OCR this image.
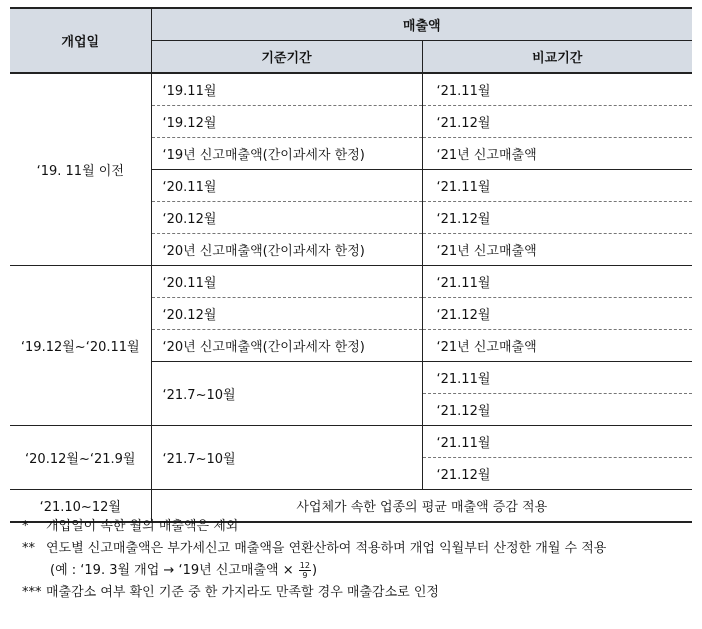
개업일	매출액	
	기준기간	비교기간
‘19. 11월 이전	‘19.11월	‘21.11월
	‘19.12월	‘21.12월
	‘19년 신고매출액(간이과세자 한정)	‘21년 신고매출액
	‘20.11월	‘21.11월
	‘20.12월	‘21.12월
	‘20년 신고매출액(간이과세자 한정)	‘21년 신고매출액
‘19.12월~‘20.11월	‘20.11월	‘21.11월
	‘20.12월	‘21.12월
	‘20년 신고매출액(간이과세자 한정)	‘21년 신고매출액
	‘21.7~10월	‘21.11월
		‘21.12월
‘20.12월~‘21.9월	‘21.7~10월	‘21.11월
		‘21.12월
‘21.10~12월	사업체가 속한 업종의 평균 매출액 증감 적용	
* 개업일이 속한 월의 매출액은 제외
** 연도별 신고매출액은 부가세신고 매출액을 연환산하여 적용하며 개업 익월부터 산정한 개월 수 적용
(예 : ‘19. 3월 개업 → ‘19년 신고매출액 × $\frac{12}{9}$ )
*** 매출감소 여부 확인 기준 중 한 가지라도 만족할 경우 매출감소로 인정
